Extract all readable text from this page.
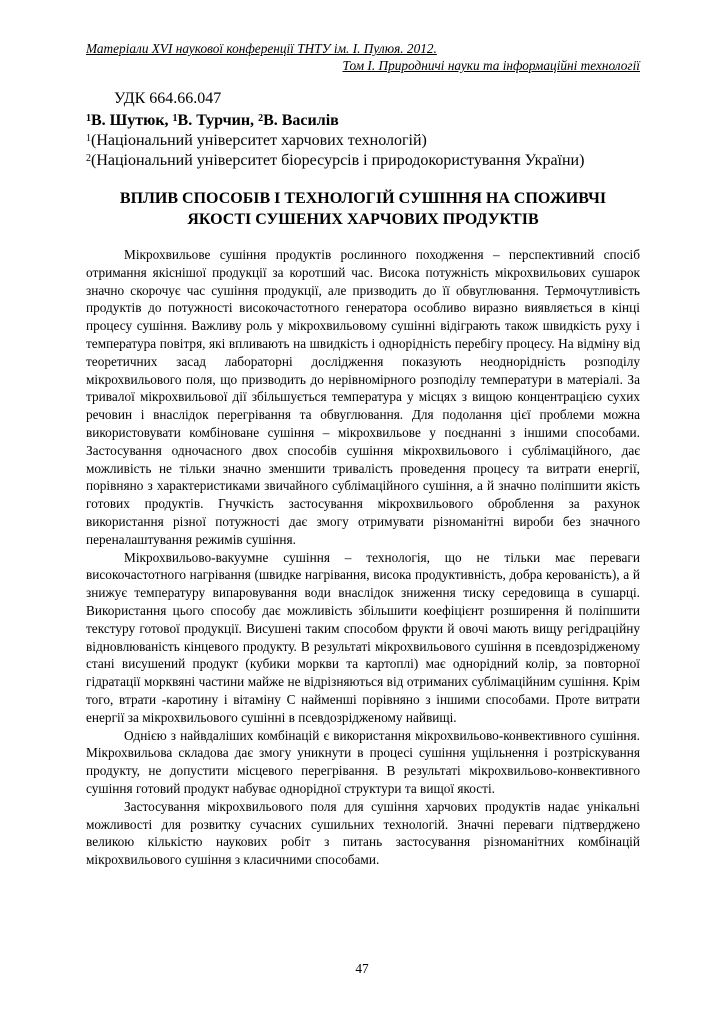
Матеріали XVІ наукової конференції ТНТУ ім. І. Пулюя. 2012.
Том І. Природничі науки та інформаційні технології
УДК 664.66.047
$^1$В. Шутюк, $^1$В. Турчин, $^2$В. Василів
$^1$(Національний університет харчових технологій)
$^2$(Національний університет біоресурсів і природокористування України)
ВПЛИВ СПОСОБІВ І ТЕХНОЛОГІЙ СУШІННЯ НА СПОЖИВЧІ
ЯКОСТІ СУШЕНИХ ХАРЧОВИХ ПРОДУКТІВ

Мікрохвильове сушіння продуктів рослинного походження – перспективний спосіб отримання якіснішої продукції за коротший час. Висока потужність мікрохвильових сушарок значно скорочує час сушіння продукції, але призводить до її обвуглювання. Термочутливість продуктів до потужності високочастотного генератора особливо виразно виявляється в кінці процесу сушіння. Важливу роль у мікрохвильовому сушінні відіграють також швидкість руху і температура повітря, які впливають на швидкість і однорідність перебігу процесу. На відміну від теоретичних засад лабораторні дослідження показують неоднорідність розподілу мікрохвильового поля, що призводить до нерівномірного розподілу температури в матеріалі. За тривалої мікрохвильової дії збільшується температура у місцях з вищою концентрацією сухих речовин і внаслідок перегрівання та обвуглювання. Для подолання цієї проблеми можна використовувати комбіноване сушіння – мікрохвильове у поєднанні з іншими способами. Застосування одночасного двох способів сушіння мікрохвильового і сублімаційного, дає можливість не тільки значно зменшити тривалість проведення процесу та витрати енергії, порівняно з характеристиками звичайного сублімаційного сушіння, а й значно поліпшити якість готових продуктів. Гнучкість застосування мікрохвильового оброблення за рахунок використання різної потужності дає змогу отримувати різноманітні вироби без значного переналаштування режимів сушіння.

Мікрохвильово-вакуумне сушіння – технологія, що не тільки має переваги високочастотного нагрівання (швидке нагрівання, висока продуктивність, добра керованість), а й знижує температуру випаровування води внаслідок зниження тиску середовища в сушарці. Використання цього способу дає можливість збільшити коефіцієнт розширення й поліпшити текстуру готової продукції. Висушені таким способом фрукти й овочі мають вищу регідраційну відновлюваність кінцевого продукту. В результаті мікрохвильового сушіння в псевдозрідженому стані висушений продукт (кубики моркви та картоплі) має однорідний колір, за повторної гідратації морквяні частини майже не відрізняються від отриманих сублімаційним сушіння. Крім того, втрати -каротину і вітаміну С найменші порівняно з іншими способами. Проте витрати енергії за мікрохвильового сушінні в псевдозрідженому найвищі.

Однією з найвдаліших комбінацій є використання мікрохвильово-конвективного сушіння. Мікрохвильова складова дає змогу уникнути в процесі сушіння ущільнення і розтріскування продукту, не допустити місцевого перегрівання. В результаті мікрохвильово-конвективного сушіння готовий продукт набуває однорідної структури та вищої якості.

Застосування мікрохвильового поля для сушіння харчових продуктів надає унікальні можливості для розвитку сучасних сушильних технологій. Значні переваги підтверджено великою кількістю наукових робіт з питань застосування різноманітних комбінацій мікрохвильового сушіння з класичними способами.

47
